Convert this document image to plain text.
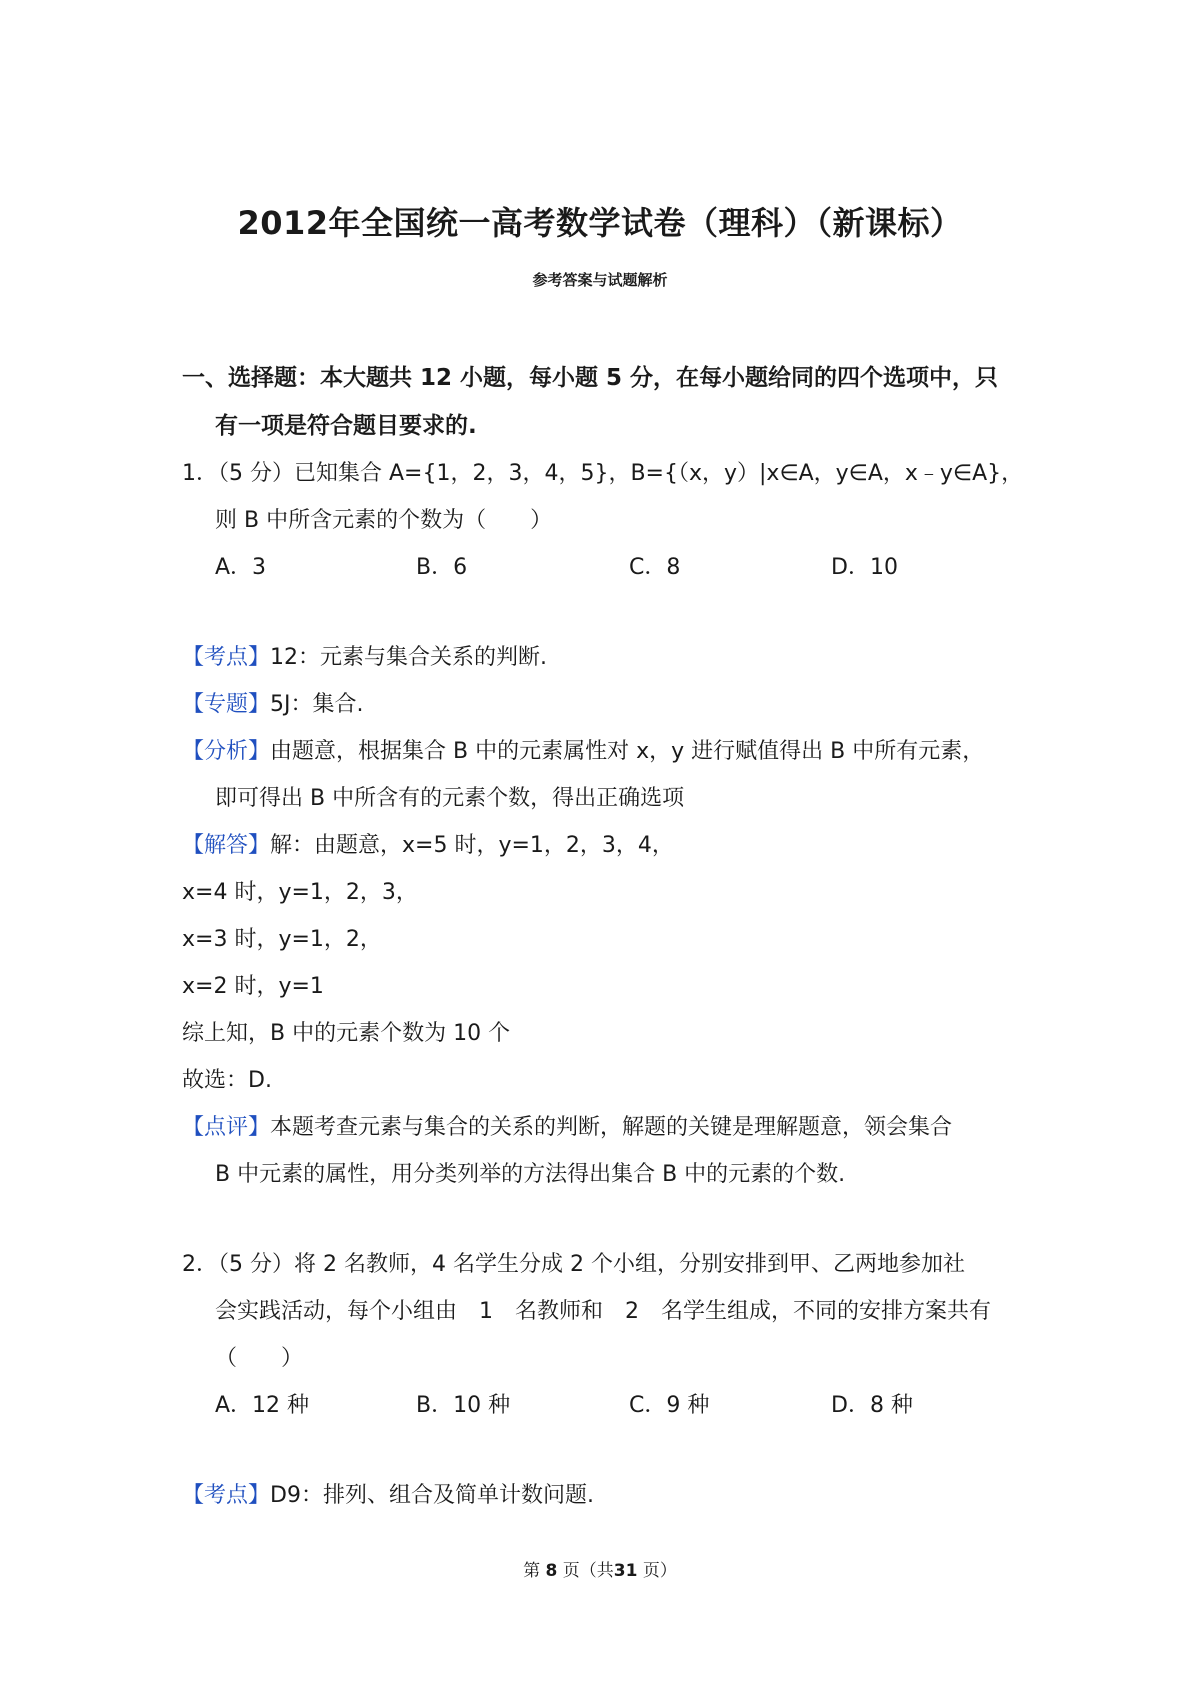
2012年全国统一高考数学试卷（理科）（新课标）
参考答案与试题解析
一、选择题：本大题共 12 小题，每小题 5 分，在每小题给同的四个选项中，只
有一项是符合题目要求的.
1．（5 分）已知集合 A={1，2，3，4，5}，B={（x，y）|x∈A，y∈A，x﹣y∈A}，
则 B 中所含元素的个数为（　　）
A．3	B．6	C．8	D．10
【考点】12：元素与集合关系的判断.
【专题】5J：集合.
【分析】由题意，根据集合 B 中的元素属性对 x，y 进行赋值得出 B 中所有元素，
即可得出 B 中所含有的元素个数，得出正确选项
【解答】解：由题意，x=5 时，y=1，2，3，4，
x=4 时，y=1，2，3，
x=3 时，y=1，2，
x=2 时，y=1
综上知，B 中的元素个数为 10 个
故选：D.
【点评】本题考查元素与集合的关系的判断，解题的关键是理解题意，领会集合
B 中元素的属性，用分类列举的方法得出集合 B 中的元素的个数.
2．（5 分）将 2 名教师，4 名学生分成 2 个小组，分别安排到甲、乙两地参加社
会实践活动，每个小组由　1　名教师和　2　名学生组成，不同的安排方案共有
（　　）
A．12 种	B．10 种	C．9 种	D．8 种
【考点】D9：排列、组合及简单计数问题.
第 8 页（共31 页）
